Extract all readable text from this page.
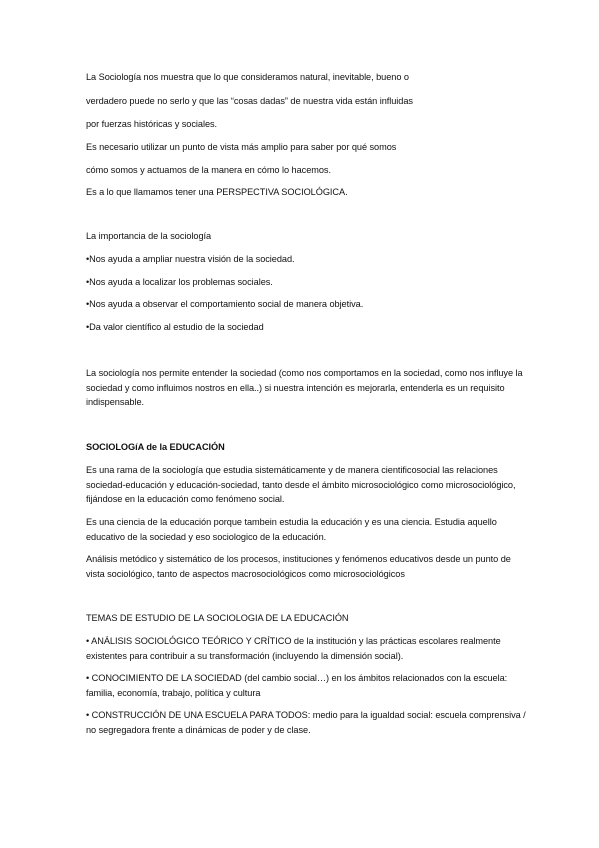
La Sociología nos muestra que lo que consideramos natural, inevitable, bueno o
verdadero puede no serlo y que las “cosas dadas” de nuestra vida están influidas
por fuerzas históricas y sociales.
Es necesario utilizar un punto de vista más amplio para saber por qué somos
cómo somos y actuamos de la manera en cómo lo hacemos.
Es a lo que llamamos tener una PERSPECTIVA SOCIOLÓGICA.
La importancia de la sociología
•Nos ayuda a ampliar nuestra visión de la sociedad.
•Nos ayuda a localizar los problemas sociales.
•Nos ayuda a observar el comportamiento social de manera objetiva.
•Da valor científico al estudio de la sociedad
La sociología nos permite entender la sociedad (como nos comportamos en la sociedad, como nos influye la sociedad y como influimos nostros en ella..) si nuestra intención es mejorarla, entenderla es un requisito indispensable.
SOCIOLOGíA de la EDUCACIÓN
Es una rama de la sociología que estudia sistemáticamente y de manera cientificosocial las relaciones sociedad-educación y educación-sociedad, tanto desde el ámbito microsociológico como microsociológico, fijándose en la educación como fenómeno social.
Es una ciencia de la educación porque tambein estudia la educación y es una ciencia. Estudia aquello educativo de la sociedad y eso sociologico de la educación.
Análisis metódico y sistemático de los procesos, instituciones y fenómenos educativos desde un punto de vista sociológico, tanto de aspectos macrosociológicos como microsociológicos
TEMAS DE ESTUDIO DE LA SOCIOLOGIA DE LA EDUCACIÓN
• ANÁLISIS SOCIOLÓGICO TEÓRICO Y CRÍTICO de la institución y las prácticas escolares realmente existentes para contribuir a su transformación (incluyendo la dimensión social).
• CONOCIMIENTO DE LA SOCIEDAD (del cambio social…) en los ámbitos relacionados con la escuela: familia, economía, trabajo, política y cultura
• CONSTRUCCIÓN DE UNA ESCUELA PARA TODOS: medio para la igualdad social: escuela comprensiva / no segregadora frente a dinámicas de poder y de clase.
